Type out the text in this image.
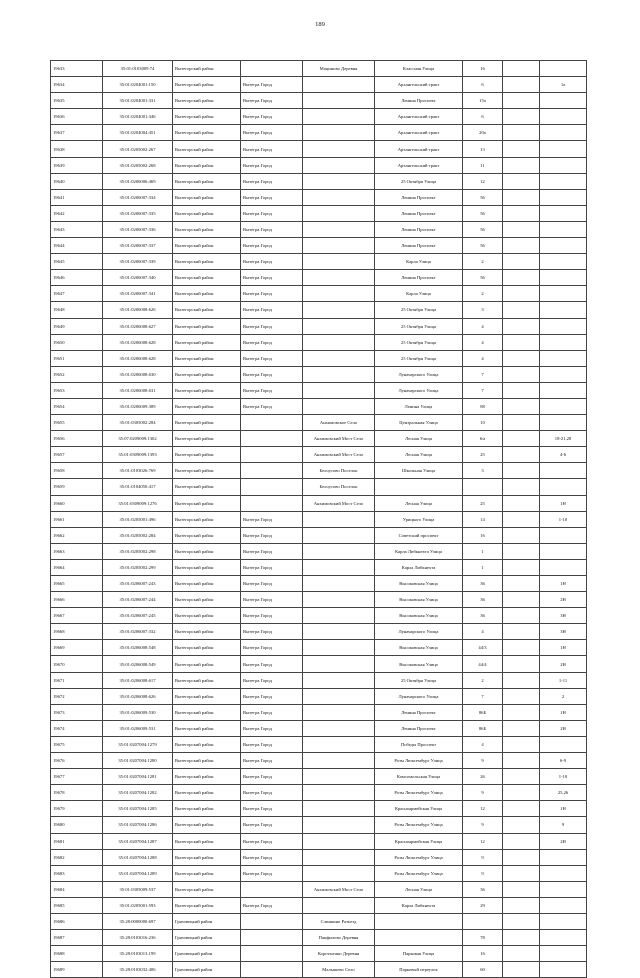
189
19633	35:01:0103009:74	Вытегорский район		Мациново Деревня	Классная Улица	16		
19634	35:01:0204001:150	Вытегорский район	Вытегра Город		Архангельский тракт	6		1а
19635	35:01:0204001:331	Вытегорский район	Вытегра Город		Ленина Проспект	15а		
19636	35:01:0204001:346	Вытегорский район	Вытегра Город		Архангельский тракт	6		
19637	35:01:0204004:451	Вытегорский район	Вытегра Город		Архангельский тракт	20а		
19638	35:01:0205002:267	Вытегорский район	Вытегра Город		Архангельский тракт	13		
19639	35:01:0205002:268	Вытегорский район	Вытегра Город		Архангельский тракт	11		
19640	35:01:0206006:469	Вытегорский район	Вытегра Город		25 Октября Улица	12		
19641	35:01:0206007:334	Вытегорский район	Вытегра Город		Ленина Проспект	56		
19642	35:01:0206007:335	Вытегорский район	Вытегра Город		Ленина Проспект	56		
19643	35:01:0206007:336	Вытегорский район	Вытегра Город		Ленина Проспект	56		
19644	35:01:0206007:337	Вытегорский район	Вытегра Город		Ленина Проспект	56		
19645	35:01:0206007:339	Вытегорский район	Вытегра Город		Карла Улица	2		
19646	35:01:0206007:340	Вытегорский район	Вытегра Город		Ленина Проспект	56		
19647	35:01:0206007:341	Вытегорский район	Вытегра Город		Карла Улица	2		
19648	35:01:0206008:626	Вытегорский район	Вытегра Город		25 Октября Улица	3		
19649	35:01:0206008:627	Вытегорский район	Вытегра Город		25 Октября Улица	4		
19650	35:01:0206008:628	Вытегорский район	Вытегра Город		25 Октября Улица	4		
19651	35:01:0206008:628	Вытегорский район	Вытегра Город		25 Октября Улица	4		
19652	35:01:0206008:630	Вытегорский район	Вытегра Город		Луначарского Улица	7		
19653	35:01:0206008:631	Вытегорский район	Вытегра Город		Луначарского Улица	7		
19654	35:01:0206009:389	Вытегорский район	Вытегра Город		Ленина Улица	88		
19655	35:01:0305002:284	Вытегорский район		Анхимовское Село	Центральная Улица	10		
19656	35:07:0209009:1302	Вытегорский район		Анхимовский Мост Село	Лесная Улица	6/а		18-21,28
19657	35:01:0309009:1393	Вытегорский район		Анхимовский Мост Село	Лесная Улица	25		4-6
19658	35:01:0103026:769	Вытегорский район		Белоусово Поселок	Школьная Улица	3		
19659	35:01:0104050:417	Вытегорский район		Белоусово Поселок				
19660	35:01:0309009:1276	Вытегорский район		Анхимовский Мост Село	Лесная Улица	25		1Н
19661	35:01:0205001:496	Вытегорский район	Вытегра Город		Урицкого Улица	14		1-10
19662	35:01:0205002:284	Вытегорский район	Вытегра Город		Советский проспект	16		
19663	35:01:0205002:298	Вытегорский район	Вытегра Город		Карла Либкнехта Улица	1		
19664	35:01:0205002:299	Вытегорский район	Вытегра Город		Карла Либкнехта	1		
19665	35:01:0206007:243	Вытегорский район	Вытегра Город		Высоковская Улица	36		1Н
19666	35:01:0206007:244	Вытегорский район	Вытегра Город		Высоковская Улица	36		2Н
19667	35:01:0206007:245	Вытегорский район	Вытегра Город		Высоковская Улица	36		3Н
19668	35:01:0206007:332	Вытегорский район	Вытегра Город		Луначарского Улица	4		3Н
19669	35:01:0206008:548	Вытегорский район	Вытегра Город		Высоковская Улица	44/3		1Н
19670	35:01:0206008:549	Вытегорский район	Вытегра Город		Высоковская Улица	44/4		2Н
19671	35:01:0206008:617	Вытегорский район	Вытегра Город		25 Октября Улица	2		1-11
19672	35:01:0206008:626	Вытегорский район	Вытегра Город		Луначарского Улица	7		2
19673	35:01:0206009:530	Вытегорский район	Вытегра Город		Ленина Проспект	86Б		1Н
19674	35:01:0206009:531	Вытегорский район	Вытегра Город		Ленина Проспект	86Б		2Н
19675	35:01:0207004:1279	Вытегорский район	Вытегра Город		Победы Проспект	4		
19676	35:01:0207004:1280	Вытегорский район	Вытегра Город		Розы Люксембург Улица	9		6-9
19677	35:01:0207004:1281	Вытегорский район	Вытегра Город		Комсомольская Улица	26		1-10
19678	35:01:0207004:1282	Вытегорский район	Вытегра Город		Розы Люксембург Улица	9		25,26
19679	35:01:0207004:1285	Вытегорский район	Вытегра Город		Красноармейская Улица	12		1Н
19680	35:01:0207004:1286	Вытегорский район	Вытегра Город		Розы Люксембург Улица	9		9
19681	35:01:0207004:1287	Вытегорский район	Вытегра Город		Красноармейская Улица	12		2Н
19682	35:01:0207004:1288	Вытегорский район	Вытегра Город		Розы Люксембург Улица	9		
19683	35:01:0207004:1289	Вытегорский район	Вытегра Город		Розы Люксембург Улица	9		
19684	35:01:0305009:537	Вытегорский район		Анхимовский Мост Село	Лесная Улица	36		
19685	35:01:0205001:593	Вытегорский район	Вытегра Город		Карла Либкнехта	29		
19686	35:28:0000000:697	Грязовецкий район		Слинкино Разъезд				
19687	35:28:0103016:236	Грязовецкий район		Панфилово Деревня		78		
19688	35:28:0103013:199	Грязовецкий район		Коротыгино Деревня	Парковая Улица	16		
19689	35:28:0103032:406	Грязовецкий район		Малышево Село	Парковый переулок	60		
